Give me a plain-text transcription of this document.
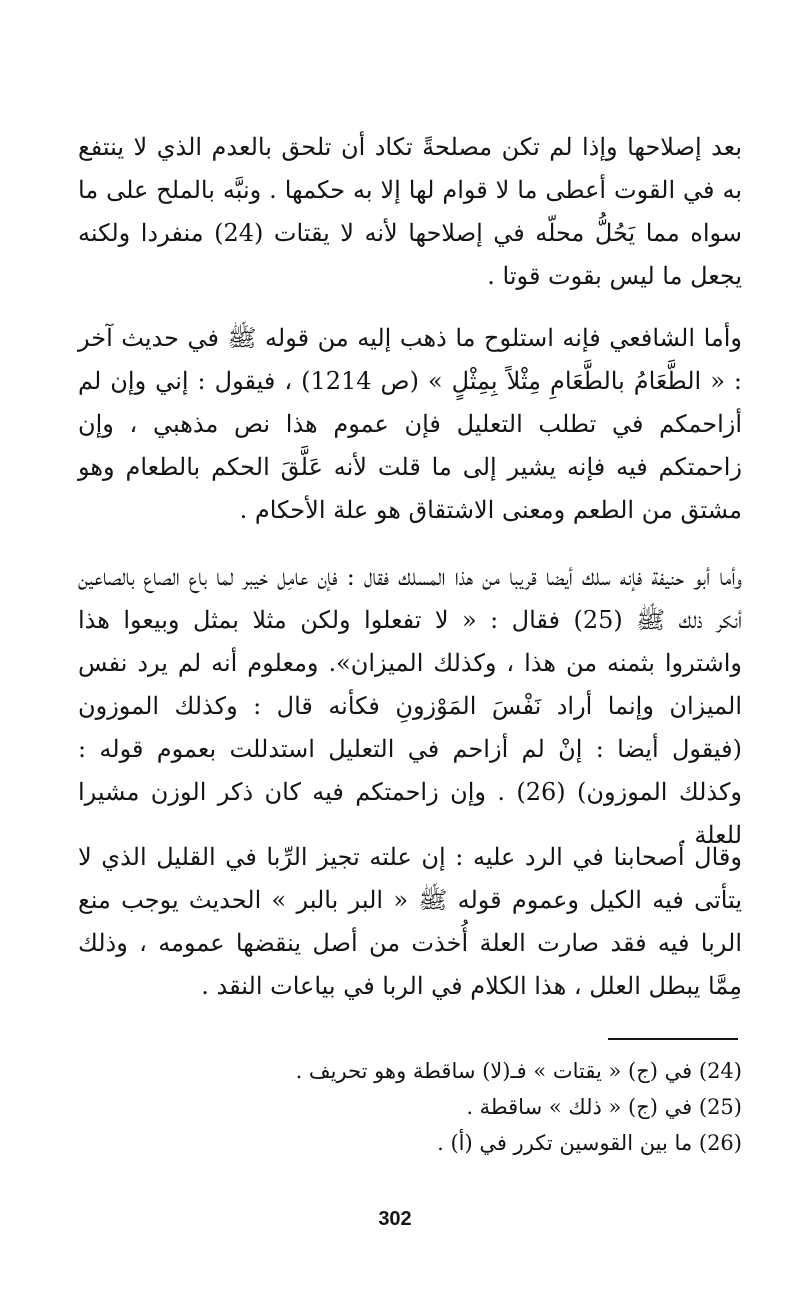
بعد إصلاحها وإذا لم تكن مصلحةً تكاد أن تلحق بالعدم الذي لا ينتفع به في القوت أعطى ما لا قوام لها إلا به حكمها . ونبَّه بالملح على ما سواه مما يَحُلُّ محلّه في إصلاحها لأنه لا يقتات (24) منفردا ولكنه يجعل ما ليس بقوت قوتا .

وأما الشافعي فإنه استلوح ما ذهب إليه من قوله ﷺ في حديث آخر : « الطَّعَامُ بالطَّعَامِ مِثْلاً بِمِثْلٍ » (ص 1214) ، فيقول : إني وإن لم أزاحمكم في تطلب التعليل فإن عموم هذا نص مذهبي ، وإن زاحمتكم فيه فإنه يشير إلى ما قلت لأنه عَلَّقَ الحكم بالطعام وهو مشتق من الطعم ومعنى الاشتقاق هو علة الأحكام .

وأما أبو حنيفة فإنه سلك أيضا قريبا من هذا المسلك فقال : فإن عامِل خيبر لما باع الصاع بالصاعين أنكر ذلك ﷺ (25) فقال : « لا تفعلوا ولكن مثلا بمثل وبيعوا هذا واشتروا بثمنه من هذا ، وكذلك الميزان». ومعلوم أنه لم يرد نفس الميزان وإنما أراد نَفْسَ المَوْزونِ فكأنه قال : وكذلك الموزون (فيقول أيضا : إنْ لم أزاحم في التعليل استدللت بعموم قوله : وكذلك الموزون) (26) . وإن زاحمتكم فيه كان ذكر الوزن مشيرا للعلة .

وقال أصحابنا في الرد عليه : إن علته تجيز الرِّبا في القليل الذي لا يتأتى فيه الكيل وعموم قوله ﷺ « البر بالبر » الحديث يوجب منع الربا فيه فقد صارت العلة أُخذت من أصل ينقضها عمومه ، وذلك مِمَّا يبطل العلل ، هذا الكلام في الربا في بياعات النقد .

(24) في (ج) « يقتات » فـ(لا) ساقطة وهو تحريف .
(25) في (ج) « ذلك » ساقطة .
(26) ما بين القوسين تكرر في (أ) .
302
